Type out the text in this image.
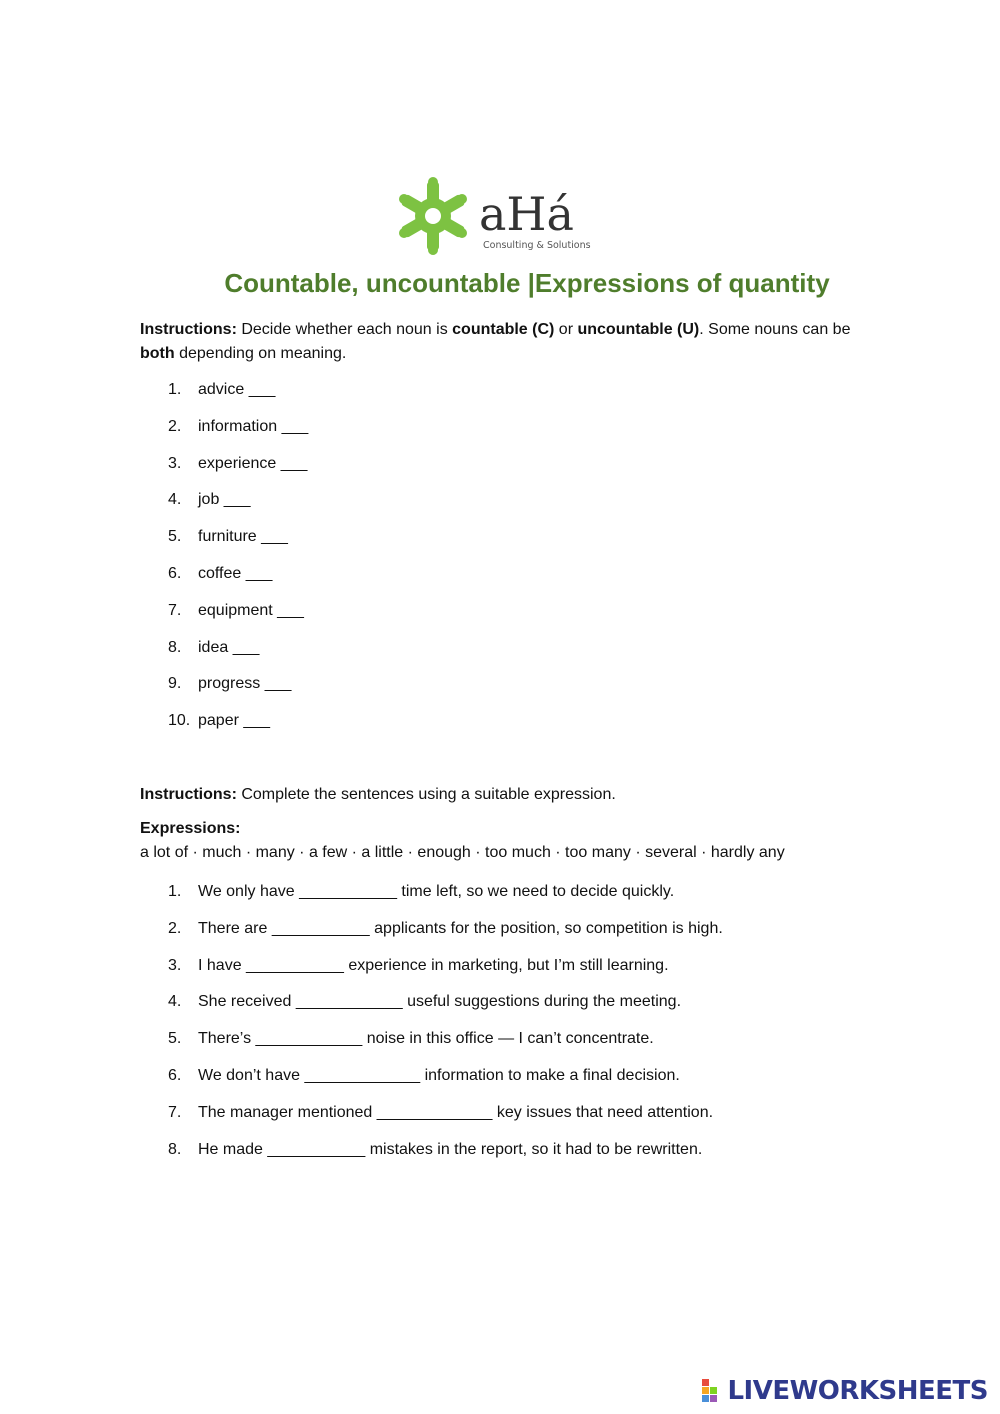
aHá
Consulting & Solutions
Countable, uncountable |Expressions of quantity

Instructions: Decide whether each noun is countable (C) or uncountable (U). Some nouns can be both depending on meaning.

1.	advice ___
2.	information ___
3.	experience ___
4.	job ___
5.	furniture ___
6.	coffee ___
7.	equipment ___
8.	idea ___
9.	progress ___
10. paper ___

Instructions: Complete the sentences using a suitable expression.

Expressions:

a lot of · much · many · a few · a little · enough · too much · too many · several · hardly any

1.	We only have ___________ time left, so we need to decide quickly.
2.	There are ___________ applicants for the position, so competition is high.
3.	I have ___________ experience in marketing, but I’m still learning.
4.	She received ____________ useful suggestions during the meeting.
5.	There’s ____________ noise in this office — I can’t concentrate.
6.	We don’t have _____________ information to make a final decision.
7.	The manager mentioned _____________ key issues that need attention.
8.	He made ___________ mistakes in the report, so it had to be rewritten.
LIVEWORKSHEETS
